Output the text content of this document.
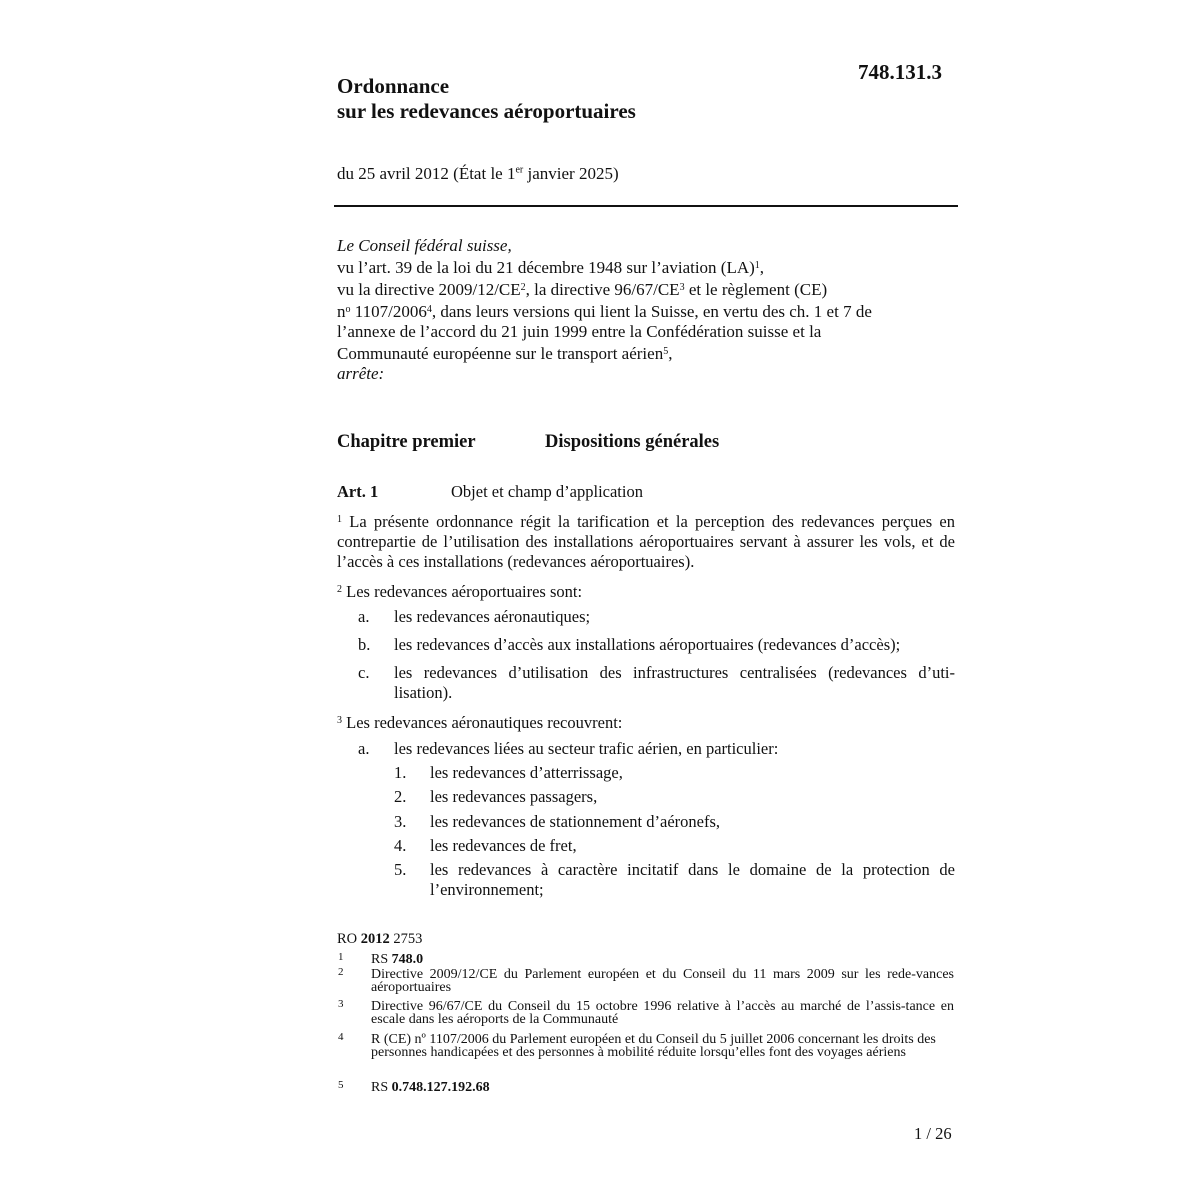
Ordonnance
sur les redevances aéroportuaires
748.131.3
du 25 avril 2012 (État le 1er janvier 2025)

Le Conseil fédéral suisse,

vu l’art. 39 de la loi du 21 décembre 1948 sur l’aviation (LA)$^1$,

vu la directive 2009/12/CE$^2$, la directive 96/67/CE$^3$ et le règlement (CE)

n$^o$ 1107/2006$^4$, dans leurs versions qui lient la Suisse, en vertu des ch. 1 et 7 de

l’annexe de l’accord du 21 juin 1999 entre la Confédération suisse et la

Communauté européenne sur le transport aérien$^5$,

arrête:

Chapitre premier	Dispositions générales
Art. 1	Objet et champ d’application
$^1$ La présente ordonnance régit la tarification et la perception des redevances perçues en contrepartie de l’utilisation des installations aéroportuaires servant à assurer les vols, et de l’accès à ces installations (redevances aéroportuaires).
$^2$ Les redevances aéroportuaires sont:
a. les redevances aéronautiques;
b. les redevances d’accès aux installations aéroportuaires (redevances d’accès);
c. les redevances d’utilisation des infrastructures centralisées (redevances d’uti-lisation).
$^3$ Les redevances aéronautiques recouvrent:
a. les redevances liées au secteur trafic aérien, en particulier:
1. les redevances d’atterrissage,
2. les redevances passagers,
3. les redevances de stationnement d’aéronefs,
4. les redevances de fret,
5. les redevances à caractère incitatif dans le domaine de la protection de l’environnement;
RO 2012 2753
1 RS 748.0
2 Directive 2009/12/CE du Parlement européen et du Conseil du 11 mars 2009 sur les rede-vances aéroportuaires
3 Directive 96/67/CE du Conseil du 15 octobre 1996 relative à l’accès au marché de l’assis-tance en escale dans les aéroports de la Communauté
4 R (CE) nº 1107/2006 du Parlement européen et du Conseil du 5 juillet 2006 concernant les droits des personnes handicapées et des personnes à mobilité réduite lorsqu’elles font des voyages aériens
5 RS 0.748.127.192.68
1 / 26
